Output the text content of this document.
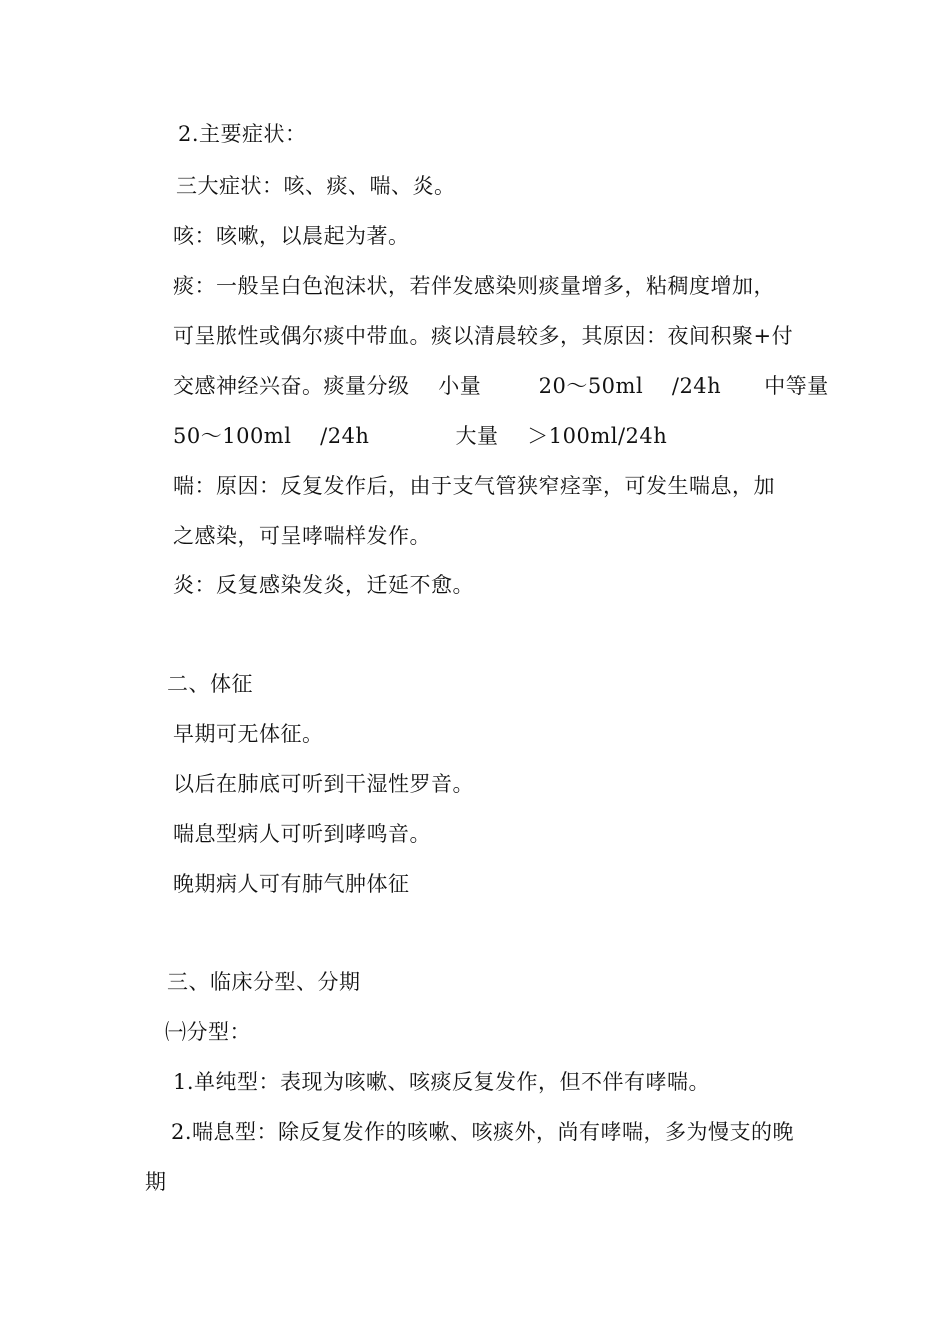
2.主要症状：
三大症状：咳、痰、喘、炎。
咳：咳嗽，以晨起为著。
痰：一般呈白色泡沫状，若伴发感染则痰量增多，粘稠度增加，
可呈脓性或偶尔痰中带血。痰以清晨较多，其原因：夜间积聚+付
交感神经兴奋。痰量分级    小量        20～50ml    /24h      中等量
50～100ml    /24h            大量    ＞100ml/24h
喘：原因：反复发作后，由于支气管狭窄痉挛，可发生喘息，加
之感染，可呈哮喘样发作。
炎：反复感染发炎，迁延不愈。
二、体征
早期可无体征。
以后在肺底可听到干湿性罗音。
喘息型病人可听到哮鸣音。
晚期病人可有肺气肿体征
三、临床分型、分期
㈠分型：
1.单纯型：表现为咳嗽、咳痰反复发作，但不伴有哮喘。
2.喘息型：除反复发作的咳嗽、咳痰外，尚有哮喘，多为慢支的晚
期
